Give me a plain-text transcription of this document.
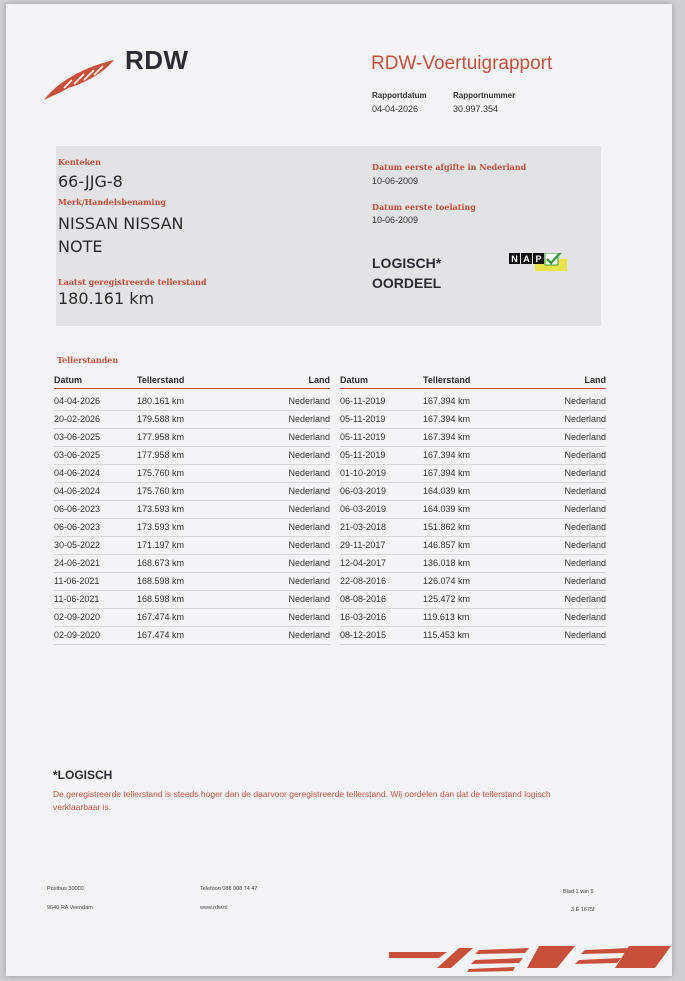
RDW	RDW-Voertuigrapport
Rapportdatum
04-04-2026
Rapportnummer
30.997.354
Kenteken
66-JJG-8
Merk/Handelsbenaming
NISSAN NISSAN
NOTE
Laatst geregistreerde tellerstand
180.161 km
Datum eerste afgifte in Nederland
10-06-2009
Datum eerste toelating
10-06-2009
LOGISCH*
OORDEEL
N A P
Tellerstanden
Datum	Tellerstand	Land
04-04-2026	180.161 km	Nederland
20-02-2026	179.588 km	Nederland
03-06-2025	177.958 km	Nederland
03-06-2025	177.958 km	Nederland
04-06-2024	175.760 km	Nederland
04-06-2024	175.760 km	Nederland
06-06-2023	173.593 km	Nederland
06-06-2023	173.593 km	Nederland
30-05-2022	171.197 km	Nederland
24-06-2021	168.673 km	Nederland
11-06-2021	168.598 km	Nederland
11-06-2021	168.598 km	Nederland
02-09-2020	167.474 km	Nederland
02-09-2020	167.474 km	Nederland
Datum	Tellerstand	Land
06-11-2019	167.394 km	Nederland
05-11-2019	167.394 km	Nederland
05-11-2019	167.394 km	Nederland
05-11-2019	167.394 km	Nederland
01-10-2019	167.394 km	Nederland
06-03-2019	164.039 km	Nederland
06-03-2019	164.039 km	Nederland
21-03-2018	151.862 km	Nederland
29-11-2017	146.857 km	Nederland
12-04-2017	136.018 km	Nederland
22-08-2016	126.074 km	Nederland
08-08-2016	125.472 km	Nederland
16-03-2016	119.613 km	Nederland
08-12-2015	115.453 km	Nederland
*LOGISCH
De geregistreerde tellerstand is steeds hoger dan de daarvoor geregistreerde tellerstand. Wij oordelen dan dat de tellerstand logisch verklaarbaar is.
Postbus 30000
9640 RA Veendam
Telefoon 088 008 74 47
www.rdw.nl
Blad 1 van 5
3 E 1675f
